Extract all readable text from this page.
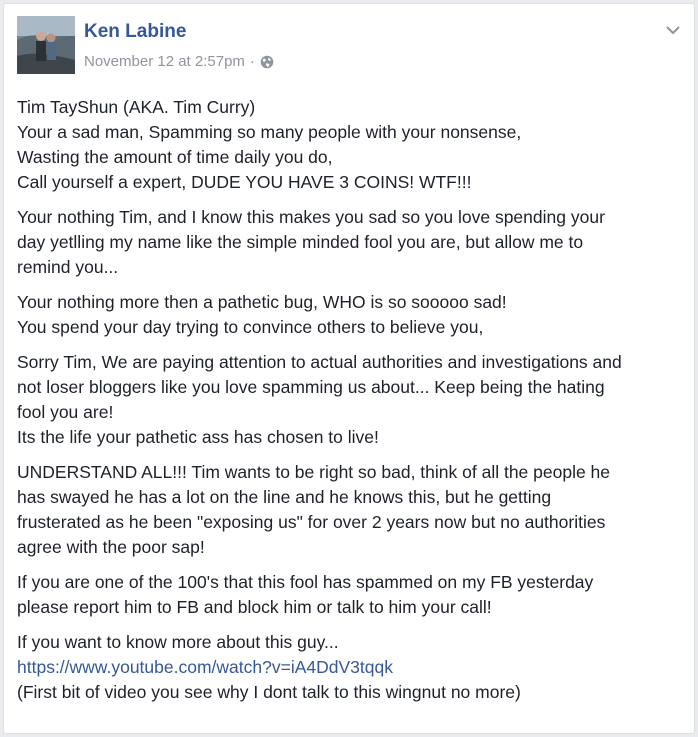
Ken Labine
November 12 at 2:57pm ·
Tim TayShun (AKA. Tim Curry)
Your a sad man, Spamming so many people with your nonsense,
Wasting the amount of time daily you do,
Call yourself a expert, DUDE YOU HAVE 3 COINS! WTF!!!
Your nothing Tim, and I know this makes you sad so you love spending your
day yetlling my name like the simple minded fool you are, but allow me to
remind you...
Your nothing more then a pathetic bug, WHO is so sooooo sad!
You spend your day trying to convince others to believe you,
Sorry Tim, We are paying attention to actual authorities and investigations and
not loser bloggers like you love spamming us about... Keep being the hating
fool you are!
Its the life your pathetic ass has chosen to live!
UNDERSTAND ALL!!! Tim wants to be right so bad, think of all the people he
has swayed he has a lot on the line and he knows this, but he getting
frusterated as he been "exposing us" for over 2 years now but no authorities
agree with the poor sap!
If you are one of the 100's that this fool has spammed on my FB yesterday
please report him to FB and block him or talk to him your call!
If you want to know more about this guy...
https://www.youtube.com/watch?v=iA4DdV3tqqk
(First bit of video you see why I dont talk to this wingnut no more)
